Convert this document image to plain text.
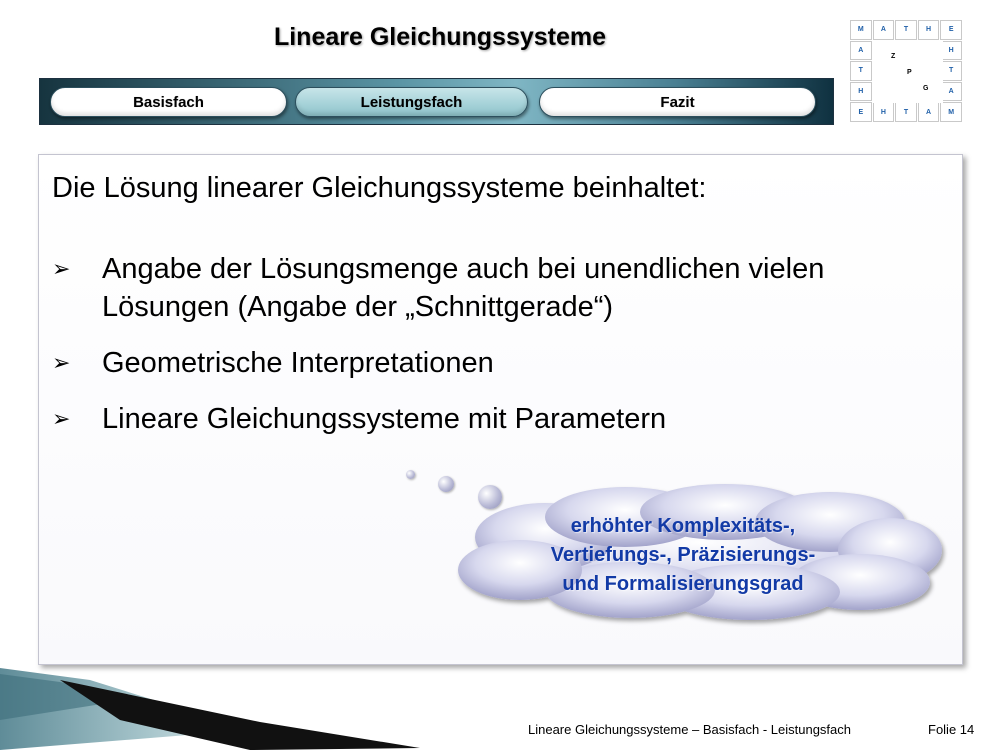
Lineare Gleichungssysteme	M	A	T	H	E
A	H
T	T
H	A
E	H	T	A	M
Z
P
G
Basisfach	Leistungsfach	Fazit
Die Lösung linearer Gleichungssysteme beinhaltet:
➢ Angabe der Lösungsmenge auch bei unendlichen vielen Lösungen (Angabe der „Schnittgerade“)
➢ Geometrische Interpretationen
➢ Lineare Gleichungssysteme mit Parametern
erhöhter Komplexitäts-,
Vertiefungs-, Präzisierungs-
und Formalisierungsgrad
Lineare Gleichungssysteme – Basisfach - Leistungsfach	Folie 14
